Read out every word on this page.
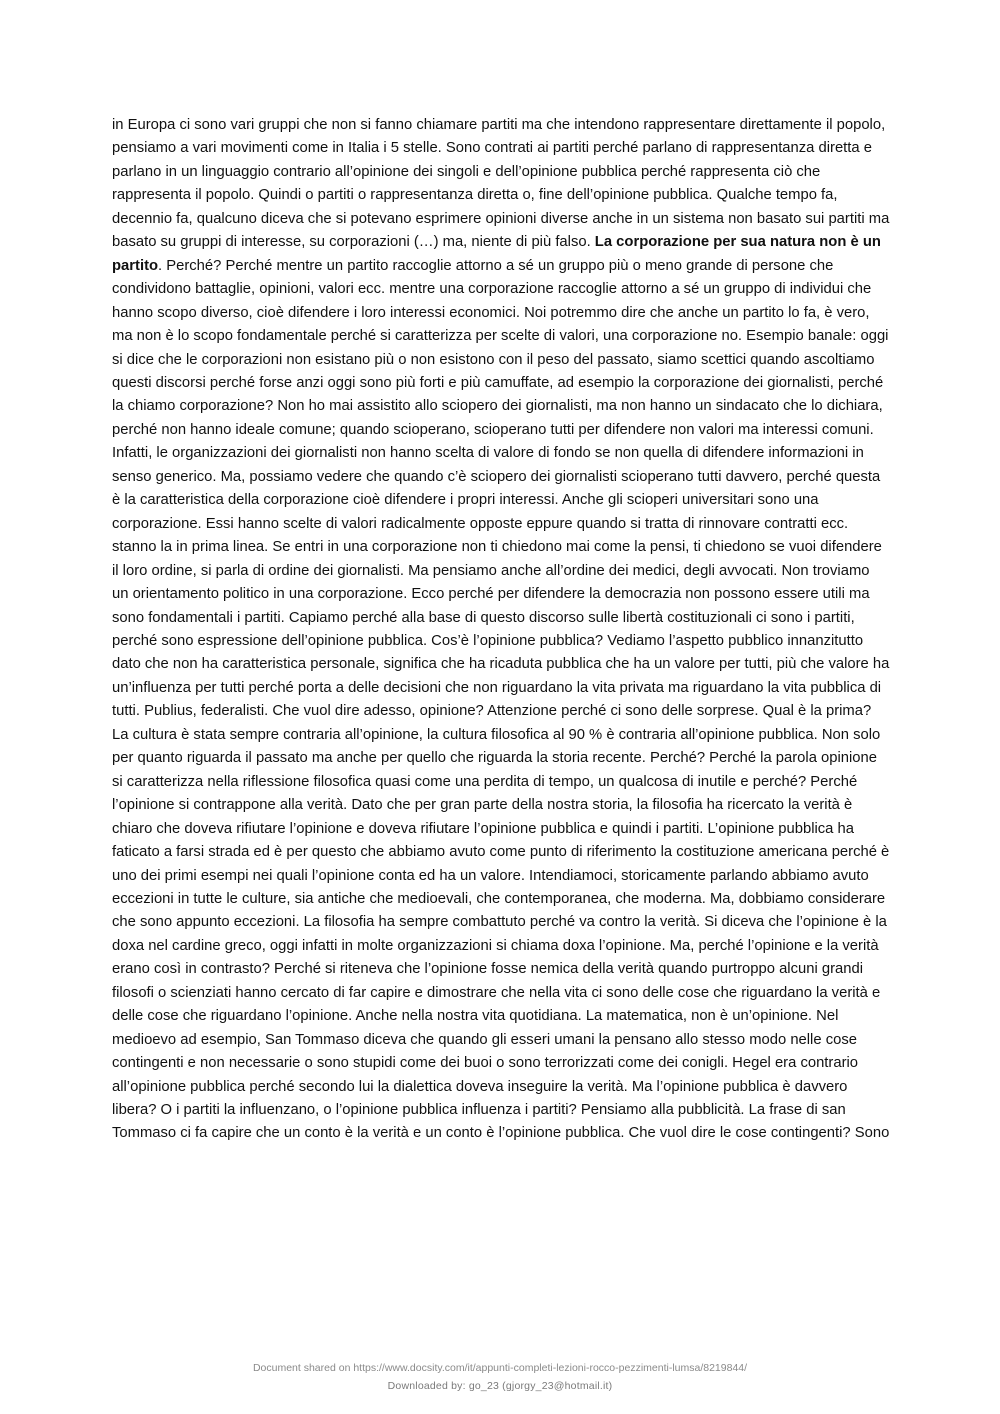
in Europa ci sono vari gruppi che non si fanno chiamare partiti ma che intendono rappresentare direttamente il popolo, pensiamo a vari movimenti come in Italia i 5 stelle. Sono contrati ai partiti perché parlano di rappresentanza diretta e parlano in un linguaggio contrario all’opinione dei singoli e dell’opinione pubblica perché rappresenta ciò che rappresenta il popolo. Quindi o partiti o rappresentanza diretta o, fine dell’opinione pubblica. Qualche tempo fa, decennio fa, qualcuno diceva che si potevano esprimere opinioni diverse anche in un sistema non basato sui partiti ma basato su gruppi di interesse, su corporazioni (…) ma, niente di più falso. La corporazione per sua natura non è un partito. Perché? Perché mentre un partito raccoglie attorno a sé un gruppo più o meno grande di persone che condividono battaglie, opinioni, valori ecc. mentre una corporazione raccoglie attorno a sé un gruppo di individui che hanno scopo diverso, cioè difendere i loro interessi economici. Noi potremmo dire che anche un partito lo fa, è vero, ma non è lo scopo fondamentale perché si caratterizza per scelte di valori, una corporazione no. Esempio banale: oggi si dice che le corporazioni non esistano più o non esistono con il peso del passato, siamo scettici quando ascoltiamo questi discorsi perché forse anzi oggi sono più forti e più camuffate, ad esempio la corporazione dei giornalisti, perché la chiamo corporazione? Non ho mai assistito allo sciopero dei giornalisti, ma non hanno un sindacato che lo dichiara, perché non hanno ideale comune; quando scioperano, scioperano tutti per difendere non valori ma interessi comuni. Infatti, le organizzazioni dei giornalisti non hanno scelta di valore di fondo se non quella di difendere informazioni in senso generico. Ma, possiamo vedere che quando c’è sciopero dei giornalisti scioperano tutti davvero, perché questa è la caratteristica della corporazione cioè difendere i propri interessi. Anche gli scioperi universitari sono una corporazione. Essi hanno scelte di valori radicalmente opposte eppure quando si tratta di rinnovare contratti ecc. stanno la in prima linea. Se entri in una corporazione non ti chiedono mai come la pensi, ti chiedono se vuoi difendere il loro ordine, si parla di ordine dei giornalisti. Ma pensiamo anche all’ordine dei medici, degli avvocati. Non troviamo un orientamento politico in una corporazione. Ecco perché per difendere la democrazia non possono essere utili ma sono fondamentali i partiti. Capiamo perché alla base di questo discorso sulle libertà costituzionali ci sono i partiti, perché sono espressione dell’opinione pubblica. Cos’è l’opinione pubblica? Vediamo l’aspetto pubblico innanzitutto dato che non ha caratteristica personale, significa che ha ricaduta pubblica che ha un valore per tutti, più che valore ha un’influenza per tutti perché porta a delle decisioni che non riguardano la vita privata ma riguardano la vita pubblica di tutti. Publius, federalisti. Che vuol dire adesso, opinione? Attenzione perché ci sono delle sorprese. Qual è la prima? La cultura è stata sempre contraria all’opinione, la cultura filosofica al 90 % è contraria all’opinione pubblica. Non solo per quanto riguarda il passato ma anche per quello che riguarda la storia recente. Perché? Perché la parola opinione si caratterizza nella riflessione filosofica quasi come una perdita di tempo, un qualcosa di inutile e perché? Perché l’opinione si contrappone alla verità. Dato che per gran parte della nostra storia, la filosofia ha ricercato la verità è chiaro che doveva rifiutare l’opinione e doveva rifiutare l’opinione pubblica e quindi i partiti. L’opinione pubblica ha faticato a farsi strada ed è per questo che abbiamo avuto come punto di riferimento la costituzione americana perché è uno dei primi esempi nei quali l’opinione conta ed ha un valore. Intendiamoci, storicamente parlando abbiamo avuto eccezioni in tutte le culture, sia antiche che medioevali, che contemporanea, che moderna. Ma, dobbiamo considerare che sono appunto eccezioni. La filosofia ha sempre combattuto perché va contro la verità. Si diceva che l’opinione è la doxa nel cardine greco, oggi infatti in molte organizzazioni si chiama doxa l’opinione. Ma, perché l’opinione e la verità erano così in contrasto? Perché si riteneva che l’opinione fosse nemica della verità quando purtroppo alcuni grandi filosofi o scienziati hanno cercato di far capire e dimostrare che nella vita ci sono delle cose che riguardano la verità e delle cose che riguardano l’opinione. Anche nella nostra vita quotidiana. La matematica, non è un’opinione. Nel medioevo ad esempio, San Tommaso diceva che quando gli esseri umani la pensano allo stesso modo nelle cose contingenti e non necessarie o sono stupidi come dei buoi o sono terrorizzati come dei conigli. Hegel era contrario all’opinione pubblica perché secondo lui la dialettica doveva inseguire la verità. Ma l’opinione pubblica è davvero libera? O i partiti la influenzano, o l’opinione pubblica influenza i partiti? Pensiamo alla pubblicità. La frase di san Tommaso ci fa capire che un conto è la verità e un conto è l’opinione pubblica. Che vuol dire le cose contingenti? Sono

Document shared on https://www.docsity.com/it/appunti-completi-lezioni-rocco-pezzimenti-lumsa/8219844/
Downloaded by: go_23 (gjorgy_23@hotmail.it)
